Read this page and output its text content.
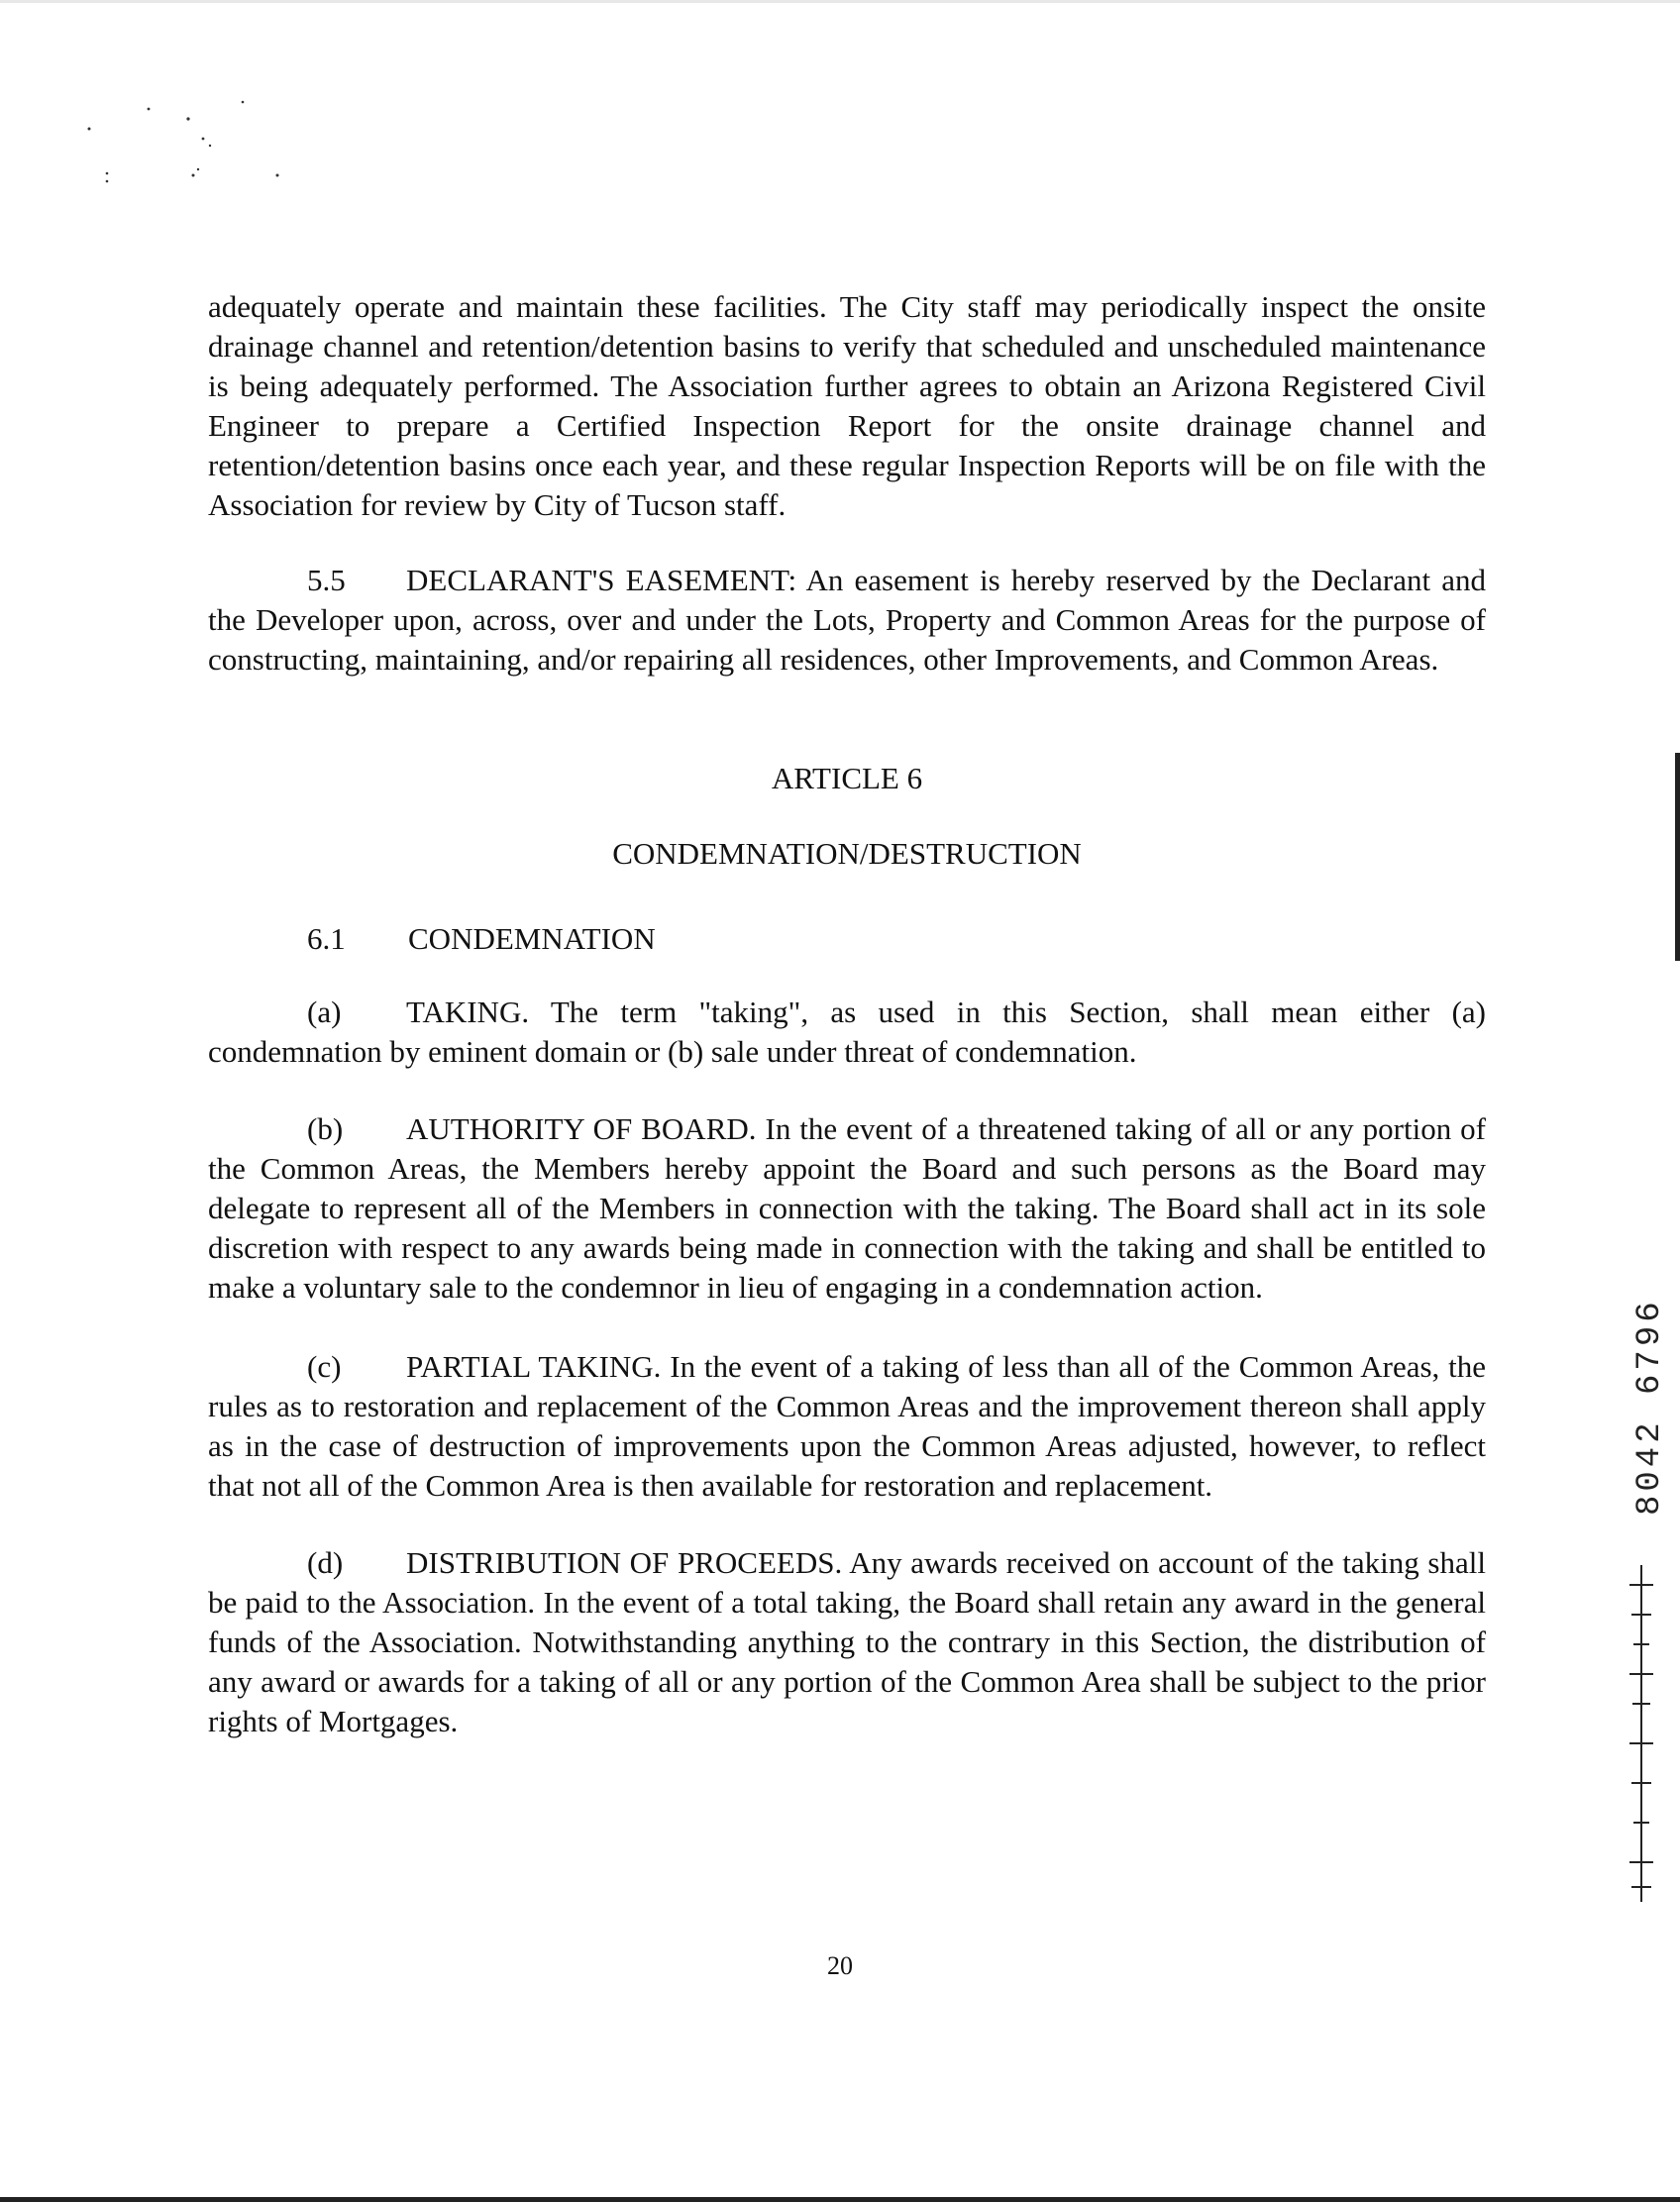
adequately operate and maintain these facilities. The City staff may periodically inspect the onsite drainage channel and retention/detention basins to verify that scheduled and unscheduled maintenance is being adequately performed. The Association further agrees to obtain an Arizona Registered Civil Engineer to prepare a Certified Inspection Report for the onsite drainage channel and retention/detention basins once each year, and these regular Inspection Reports will be on file with the Association for review by City of Tucson staff.

5.5 DECLARANT'S EASEMENT: An easement is hereby reserved by the Declarant and the Developer upon, across, over and under the Lots, Property and Common Areas for the purpose of constructing, maintaining, and/or repairing all residences, other Improvements, and Common Areas.

ARTICLE 6

CONDEMNATION/DESTRUCTION

6.1 CONDEMNATION

(a) TAKING. The term "taking", as used in this Section, shall mean either (a) condemnation by eminent domain or (b) sale under threat of condemnation.

(b) AUTHORITY OF BOARD. In the event of a threatened taking of all or any portion of the Common Areas, the Members hereby appoint the Board and such persons as the Board may delegate to represent all of the Members in connection with the taking. The Board shall act in its sole discretion with respect to any awards being made in connection with the taking and shall be entitled to make a voluntary sale to the condemnor in lieu of engaging in a condemnation action.

(c) PARTIAL TAKING. In the event of a taking of less than all of the Common Areas, the rules as to restoration and replacement of the Common Areas and the improvement thereon shall apply as in the case of destruction of improvements upon the Common Areas adjusted, however, to reflect that not all of the Common Area is then available for restoration and replacement.

(d) DISTRIBUTION OF PROCEEDS. Any awards received on account of the taking shall be paid to the Association. In the event of a total taking, the Board shall retain any award in the general funds of the Association. Notwithstanding anything to the contrary in this Section, the distribution of any award or awards for a taking of all or any portion of the Common Area shall be subject to the prior rights of Mortgages.

20
8042 6796
